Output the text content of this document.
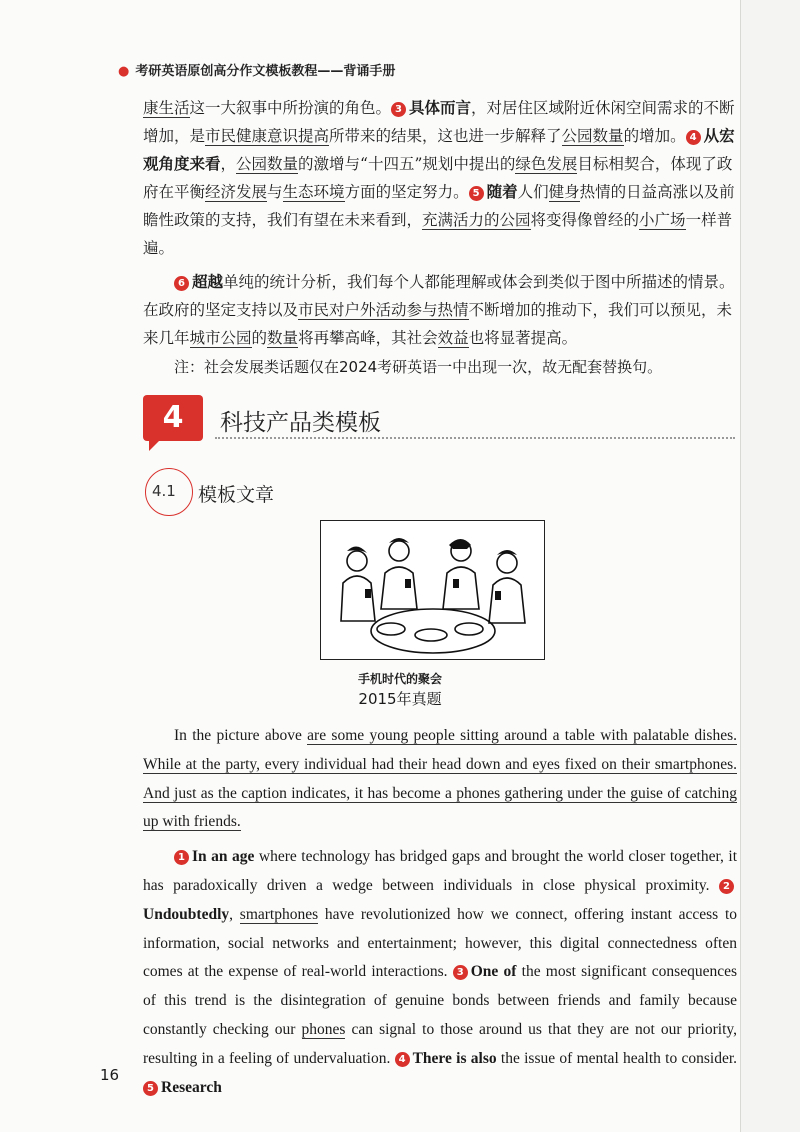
● 考研英语原创高分作文模板教程——背诵手册

康生活这一大叙事中所扮演的角色。 3 具体而言，对居住区域附近休闲空间需求的不断增加，是市民健康意识提高所带来的结果，这也进一步解释了公园数量的增加。 4 从宏观角度来看，公园数量的激增与“十四五”规划中提出的绿色发展目标相契合，体现了政府在平衡经济发展与生态环境方面的坚定努力。 5 随着人们健身热情的日益高涨以及前瞻性政策的支持，我们有望在未来看到，充满活力的公园将变得像曾经的小广场一样普遍。

6 超越单纯的统计分析，我们每个人都能理解或体会到类似于图中所描述的情景。在政府的坚定支持以及市民对户外活动参与热情不断增加的推动下，我们可以预见，未来几年城市公园的数量将再攀高峰，其社会效益也将显著提高。

注：社会发展类话题仅在2024考研英语一中出现一次，故无配套替换句。
4	科技产品类模板
4.1 模板文章
手机时代的聚会
2015年真题

In the picture above are some young people sitting around a table with palatable dishes. While at the party, every individual had their head down and eyes fixed on their smartphones. And just as the caption indicates, it has become a phones gathering under the guise of catching up with friends.

1 In an age where technology has bridged gaps and brought the world closer together, it has paradoxically driven a wedge between individuals in close physical proximity. 2Undoubtedly, smartphones have revolutionized how we connect, offering instant access to information, social networks and entertainment; however, this digital connectedness often comes at the expense of real-world interactions. 3 One of the most significant consequences of this trend is the disintegration of genuine bonds between friends and family because constantly checking our phones can signal to those around us that they are not our priority, resulting in a feeling of undervaluation. 4 There is also the issue of mental health to consider. 5 Research

16
